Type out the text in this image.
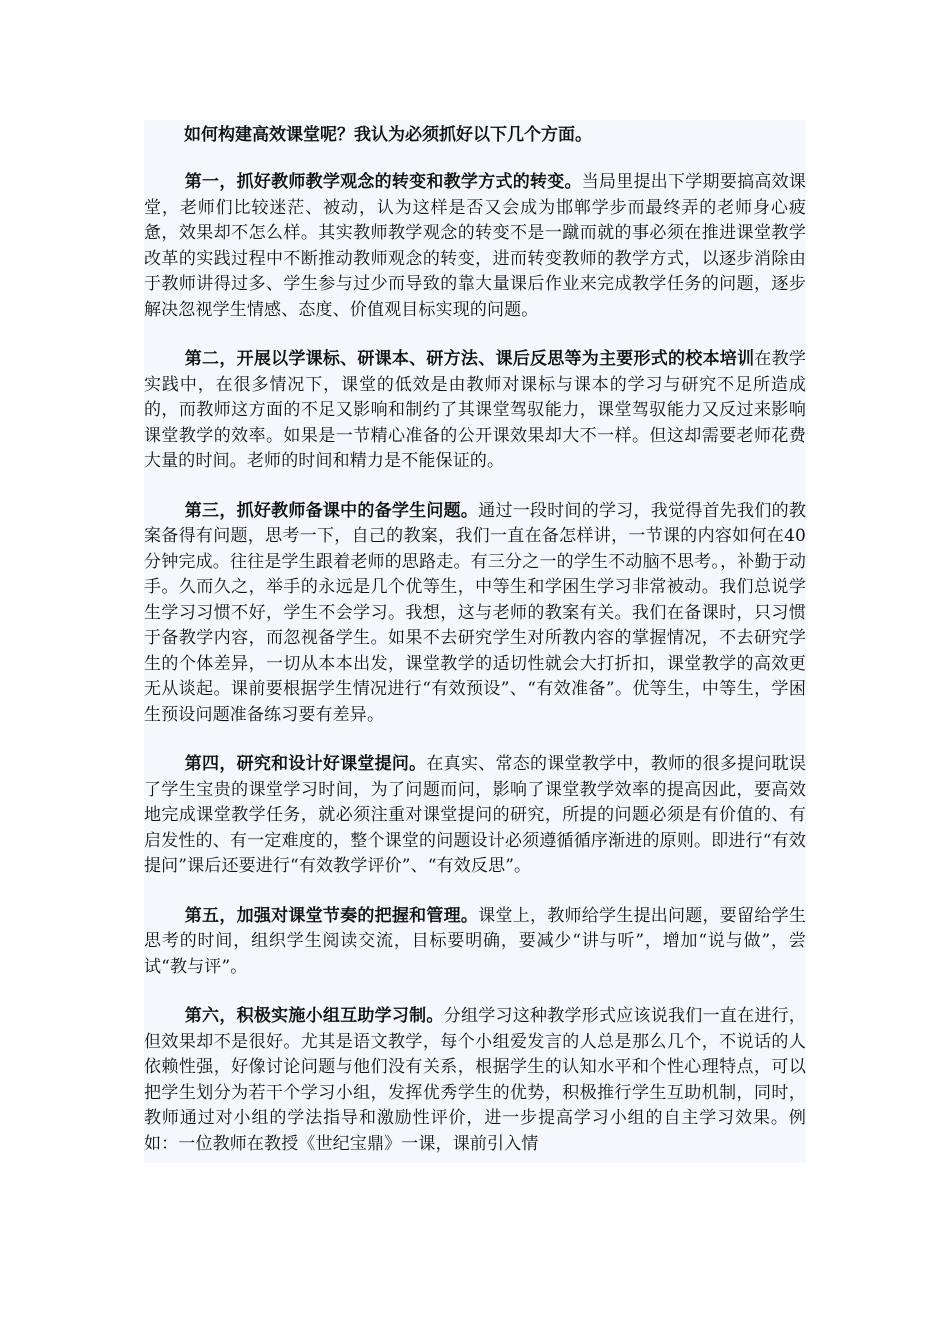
如何构建高效课堂呢？我认为必须抓好以下几个方面。

第一，抓好教师教学观念的转变和教学方式的转变。当局里提出下学期要搞高效课堂，老师们比较迷茫、被动，认为这样是否又会成为邯郸学步而最终弄的老师身心疲惫，效果却不怎么样。其实教师教学观念的转变不是一蹴而就的事必须在推进课堂教学改革的实践过程中不断推动教师观念的转变，进而转变教师的教学方式，以逐步消除由于教师讲得过多、学生参与过少而导致的靠大量课后作业来完成教学任务的问题，逐步解决忽视学生情感、态度、价值观目标实现的问题。

第二，开展以学课标、研课本、研方法、课后反思等为主要形式的校本培训在教学实践中，在很多情况下，课堂的低效是由教师对课标与课本的学习与研究不足所造成的，而教师这方面的不足又影响和制约了其课堂驾驭能力，课堂驾驭能力又反过来影响课堂教学的效率。如果是一节精心准备的公开课效果却大不一样。但这却需要老师花费大量的时间。老师的时间和精力是不能保证的。

第三，抓好教师备课中的备学生问题。通过一段时间的学习，我觉得首先我们的教案备得有问题，思考一下，自己的教案，我们一直在备怎样讲，一节课的内容如何在40分钟完成。往往是学生跟着老师的思路走。有三分之一的学生不动脑不思考。，补勤于动手。久而久之，举手的永远是几个优等生，中等生和学困生学习非常被动。我们总说学生学习习惯不好，学生不会学习。我想，这与老师的教案有关。我们在备课时，只习惯于备教学内容，而忽视备学生。如果不去研究学生对所教内容的掌握情况，不去研究学生的个体差异，一切从本本出发，课堂教学的适切性就会大打折扣，课堂教学的高效更无从谈起。课前要根据学生情况进行“有效预设”、“有效准备”。优等生，中等生，学困生预设问题准备练习要有差异。

第四，研究和设计好课堂提问。在真实、常态的课堂教学中，教师的很多提问耽误了学生宝贵的课堂学习时间，为了问题而问，影响了课堂教学效率的提高因此，要高效地完成课堂教学任务，就必须注重对课堂提问的研究，所提的问题必须是有价值的、有启发性的、有一定难度的，整个课堂的问题设计必须遵循循序渐进的原则。即进行“有效提问”课后还要进行“有效教学评价”、“有效反思”。

第五，加强对课堂节奏的把握和管理。课堂上，教师给学生提出问题，要留给学生思考的时间，组织学生阅读交流，目标要明确，要减少“讲与听”，增加“说与做”，尝试“教与评”。

第六，积极实施小组互助学习制。分组学习这种教学形式应该说我们一直在进行，但效果却不是很好。尤其是语文教学，每个小组爱发言的人总是那么几个，不说话的人依赖性强，好像讨论问题与他们没有关系，根据学生的认知水平和个性心理特点，可以把学生划分为若干个学习小组，发挥优秀学生的优势，积极推行学生互助机制，同时，教师通过对小组的学法指导和激励性评价，进一步提高学习小组的自主学习效果。例如：一位教师在教授《世纪宝鼎》一课，课前引入情
